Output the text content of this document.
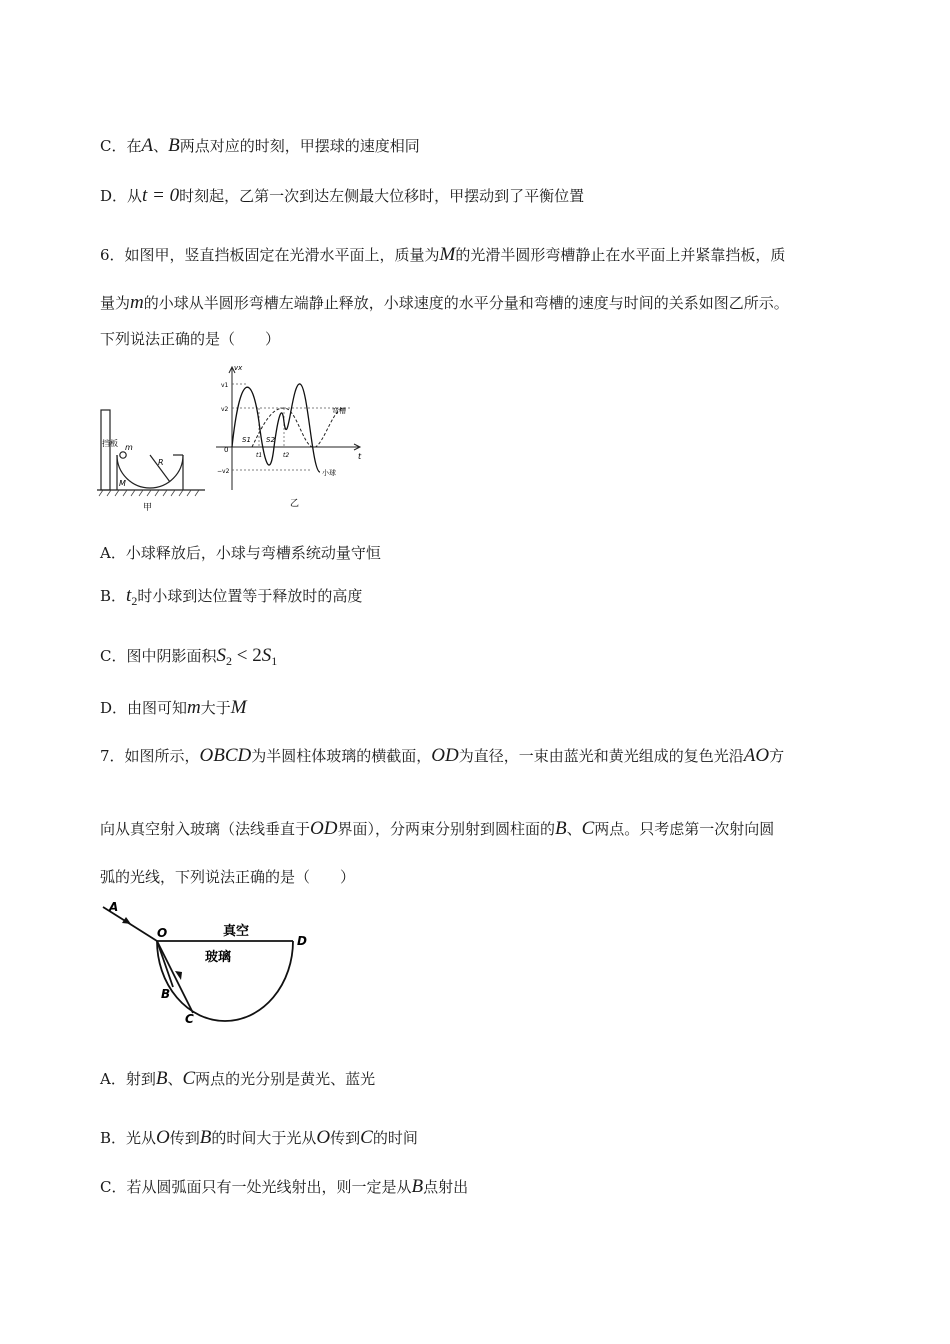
C．在A、B两点对应的时刻，甲摆球的速度相同
D．从t = 0时刻起，乙第一次到达左侧最大位移时，甲摆动到了平衡位置
6．如图甲，竖直挡板固定在光滑水平面上，质量为M的光滑半圆形弯槽静止在水平面上并紧靠挡板，质
量为m的小球从半圆形弯槽左端静止释放，小球速度的水平分量和弯槽的速度与时间的关系如图乙所示。
下列说法正确的是（　　）
挡板 m
R
M
甲
vx
t
v1
v2
−v2
0
S1 S2
t1	t2
弯槽
小球
乙
A．小球释放后，小球与弯槽系统动量守恒
B．$t_2$时小球到达位置等于释放时的高度
C．图中阴影面积$S_2 < 2S_1$
D．由图可知m大于M
7．如图所示，OBCD为半圆柱体玻璃的横截面，OD为直径，一束由蓝光和黄光组成的复色光沿AO方
向从真空射入玻璃（法线垂直于OD界面），分两束分别射到圆柱面的B、C两点。只考虑第一次射向圆
弧的光线，下列说法正确的是（　　）
A
O
D
B
C
真空
玻璃
A．射到B、C两点的光分别是黄光、蓝光
B．光从O传到B的时间大于光从O传到C的时间
C．若从圆弧面只有一处光线射出，则一定是从B点射出
